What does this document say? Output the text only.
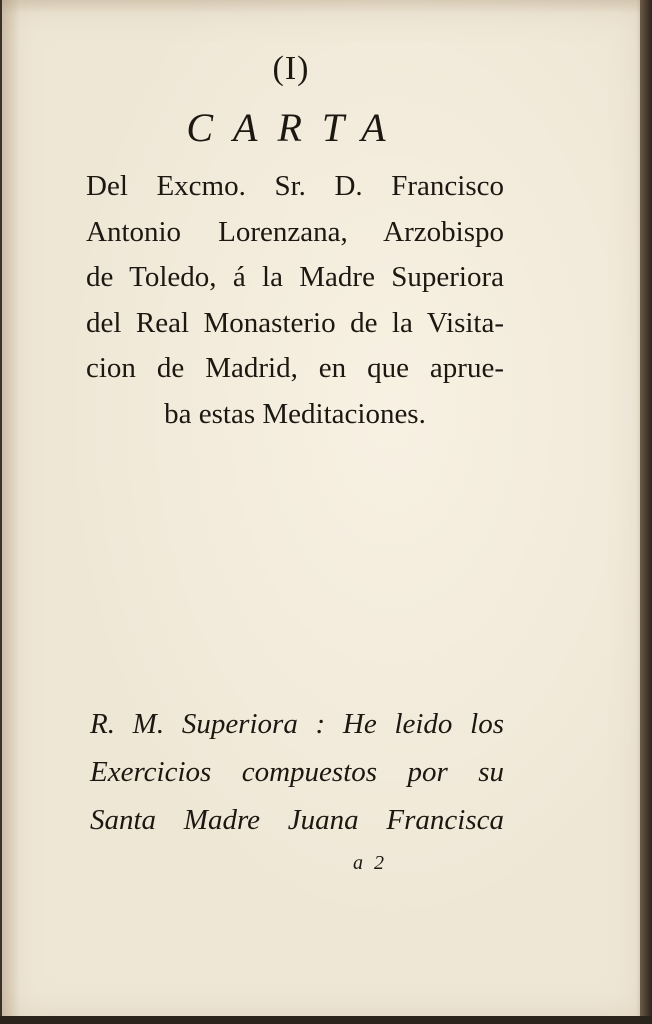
(I)

CARTA

Del Excmo. Sr. D. Francisco
Antonio Lorenzana, Arzobispo
de Toledo, á la Madre Superiora
del Real Monasterio de la Visita-
cion de Madrid, en que aprue-
ba estas Meditaciones.

R. M. Superiora : He leido los
Exercicios compuestos por su
Santa Madre Juana Francisca

a 2
